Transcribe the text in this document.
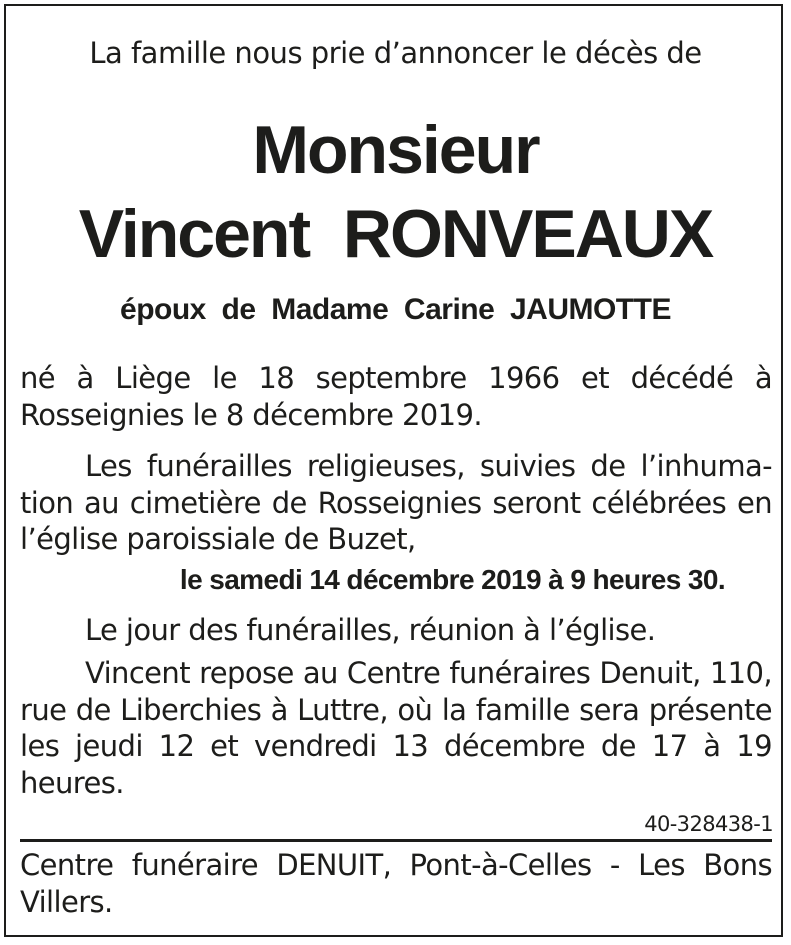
La famille nous prie d’annoncer le décès de
Monsieur
Vincent  RONVEAUX
époux  de  Madame  Carine  JAUMOTTE
né à Liège le 18 septembre 1966 et décédé à Rosseignies le 8 décembre 2019.
Les funérailles religieuses, suivies de l’inhuma- tion au cimetière de Rosseignies seront célébrées en l’église paroissiale de Buzet,
le samedi 14 décembre 2019 à 9 heures 30.
Le jour des funérailles, réunion à l’église.
Vincent repose au Centre funéraires Denuit, 110, rue de Liberchies à Luttre, où la famille sera présente les jeudi 12 et vendredi 13 décembre de 17 à 19 heures.
40-328438-1
Centre funéraire DENUIT, Pont-à-Celles - Les Bons Villers.
